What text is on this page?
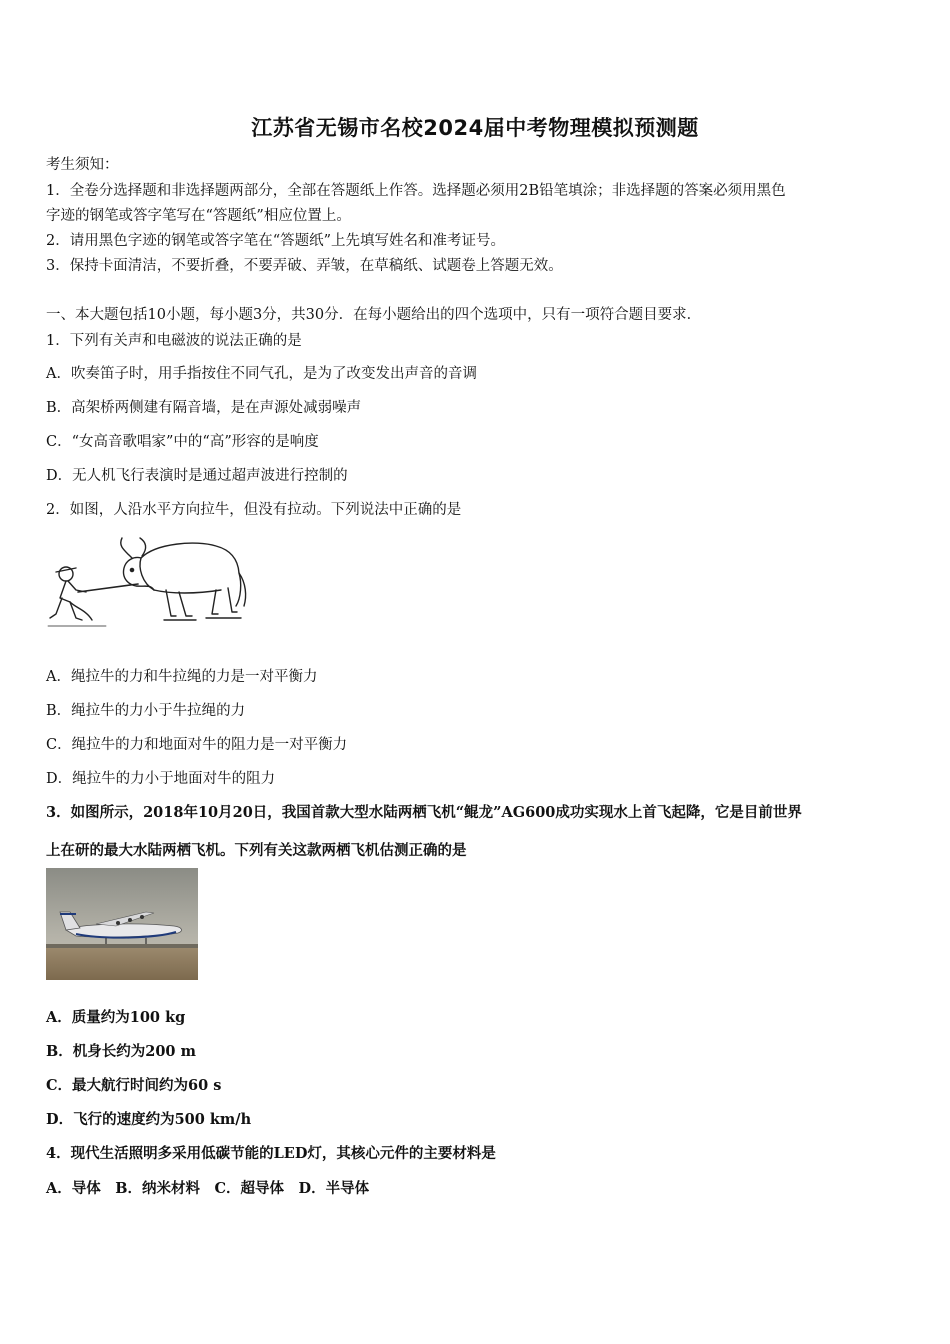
江苏省无锡市名校2024届中考物理模拟预测题
考生须知：
1．全卷分选择题和非选择题两部分，全部在答题纸上作答。选择题必须用2B铅笔填涂；非选择题的答案必须用黑色
字迹的钢笔或答字笔写在“答题纸”相应位置上。
2．请用黑色字迹的钢笔或答字笔在“答题纸”上先填写姓名和准考证号。
3．保持卡面清洁，不要折叠，不要弄破、弄皱，在草稿纸、试题卷上答题无效。
一、本大题包括10小题，每小题3分，共30分．在每小题给出的四个选项中，只有一项符合题目要求．
1．下列有关声和电磁波的说法正确的是
A．吹奏笛子时，用手指按住不同气孔，是为了改变发出声音的音调
B．高架桥两侧建有隔音墙，是在声源处减弱噪声
C．“女高音歌唱家”中的“高”形容的是响度
D．无人机飞行表演时是通过超声波进行控制的
2．如图，人沿水平方向拉牛，但没有拉动。下列说法中正确的是
A．绳拉牛的力和牛拉绳的力是一对平衡力
B．绳拉牛的力小于牛拉绳的力
C．绳拉牛的力和地面对牛的阻力是一对平衡力
D．绳拉牛的力小于地面对牛的阻力
3．如图所示，2018年10月20日，我国首款大型水陆两栖飞机“鲲龙”AG600成功实现水上首飞起降，它是目前世界
上在研的最大水陆两栖飞机。下列有关这款两栖飞机估测正确的是
A．质量约为100 kg
B．机身长约为200 m
C．最大航行时间约为60 s
D．飞行的速度约为500 km/h
4．现代生活照明多采用低碳节能的LED灯，其核心元件的主要材料是
A．导体　B．纳米材料　C．超导体　D．半导体
